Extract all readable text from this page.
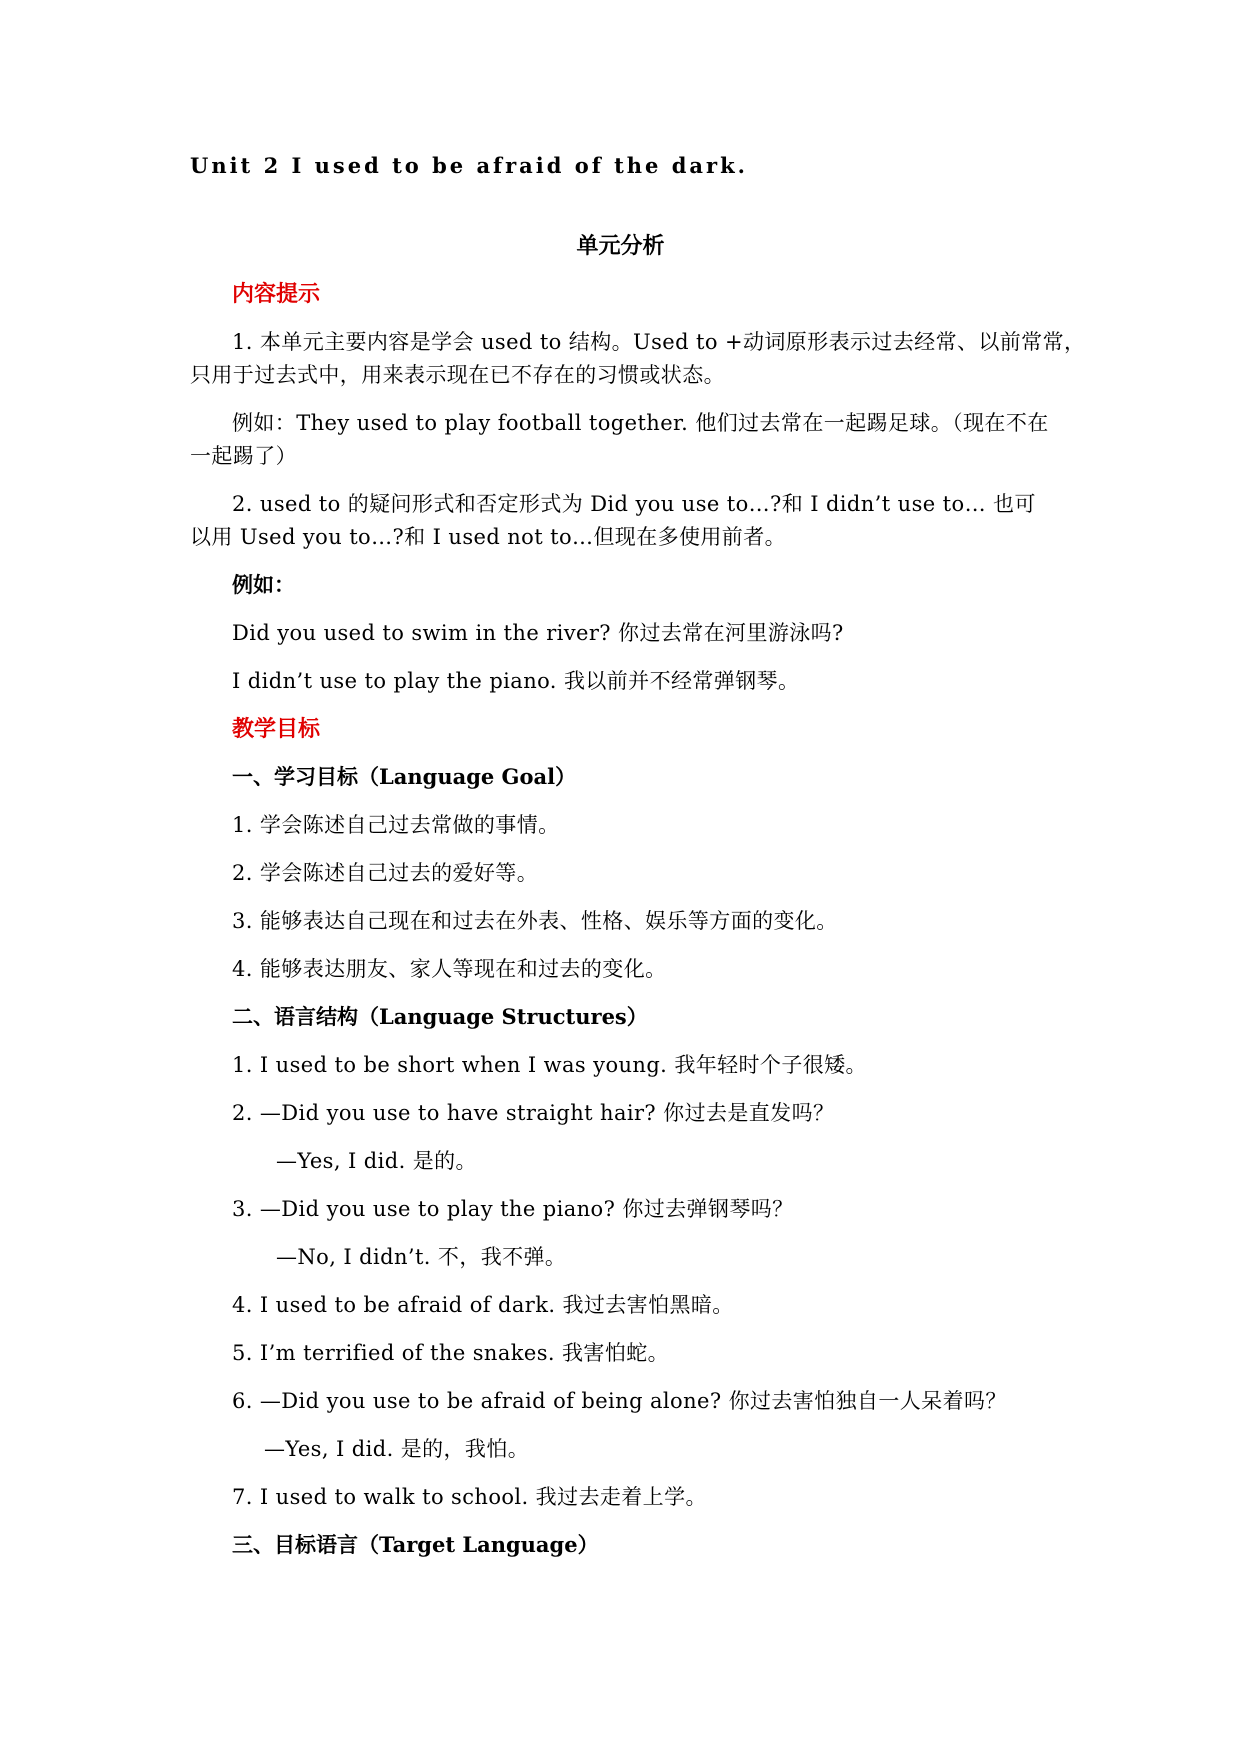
Unit 2 I used to be afraid of the dark.
单元分析
内容提示
1. 本单元主要内容是学会 used to 结构。Used to +动词原形表示过去经常、以前常常，
只用于过去式中，用来表示现在已不存在的习惯或状态。
例如：They used to play football together. 他们过去常在一起踢足球。（现在不在
一起踢了）
2. used to 的疑问形式和否定形式为 Did you use to…?和 I didn’t use to… 也可
以用 Used you to…?和 I used not to…但现在多使用前者。
例如：
Did you used to swim in the river? 你过去常在河里游泳吗?
I didn’t use to play the piano. 我以前并不经常弹钢琴。
教学目标
一、学习目标（Language Goal）
1. 学会陈述自己过去常做的事情。
2. 学会陈述自己过去的爱好等。
3. 能够表达自己现在和过去在外表、性格、娱乐等方面的变化。
4. 能够表达朋友、家人等现在和过去的变化。
二、语言结构（Language Structures）
1. I used to be short when I was young. 我年轻时个子很矮。
2. —Did you use to have straight hair? 你过去是直发吗？
—Yes, I did. 是的。
3. —Did you use to play the piano? 你过去弹钢琴吗？
—No, I didn’t. 不，我不弹。
4. I used to be afraid of dark. 我过去害怕黑暗。
5. I’m terrified of the snakes. 我害怕蛇。
6. —Did you use to be afraid of being alone? 你过去害怕独自一人呆着吗？
—Yes, I did. 是的，我怕。
7. I used to walk to school. 我过去走着上学。
三、目标语言（Target Language）
